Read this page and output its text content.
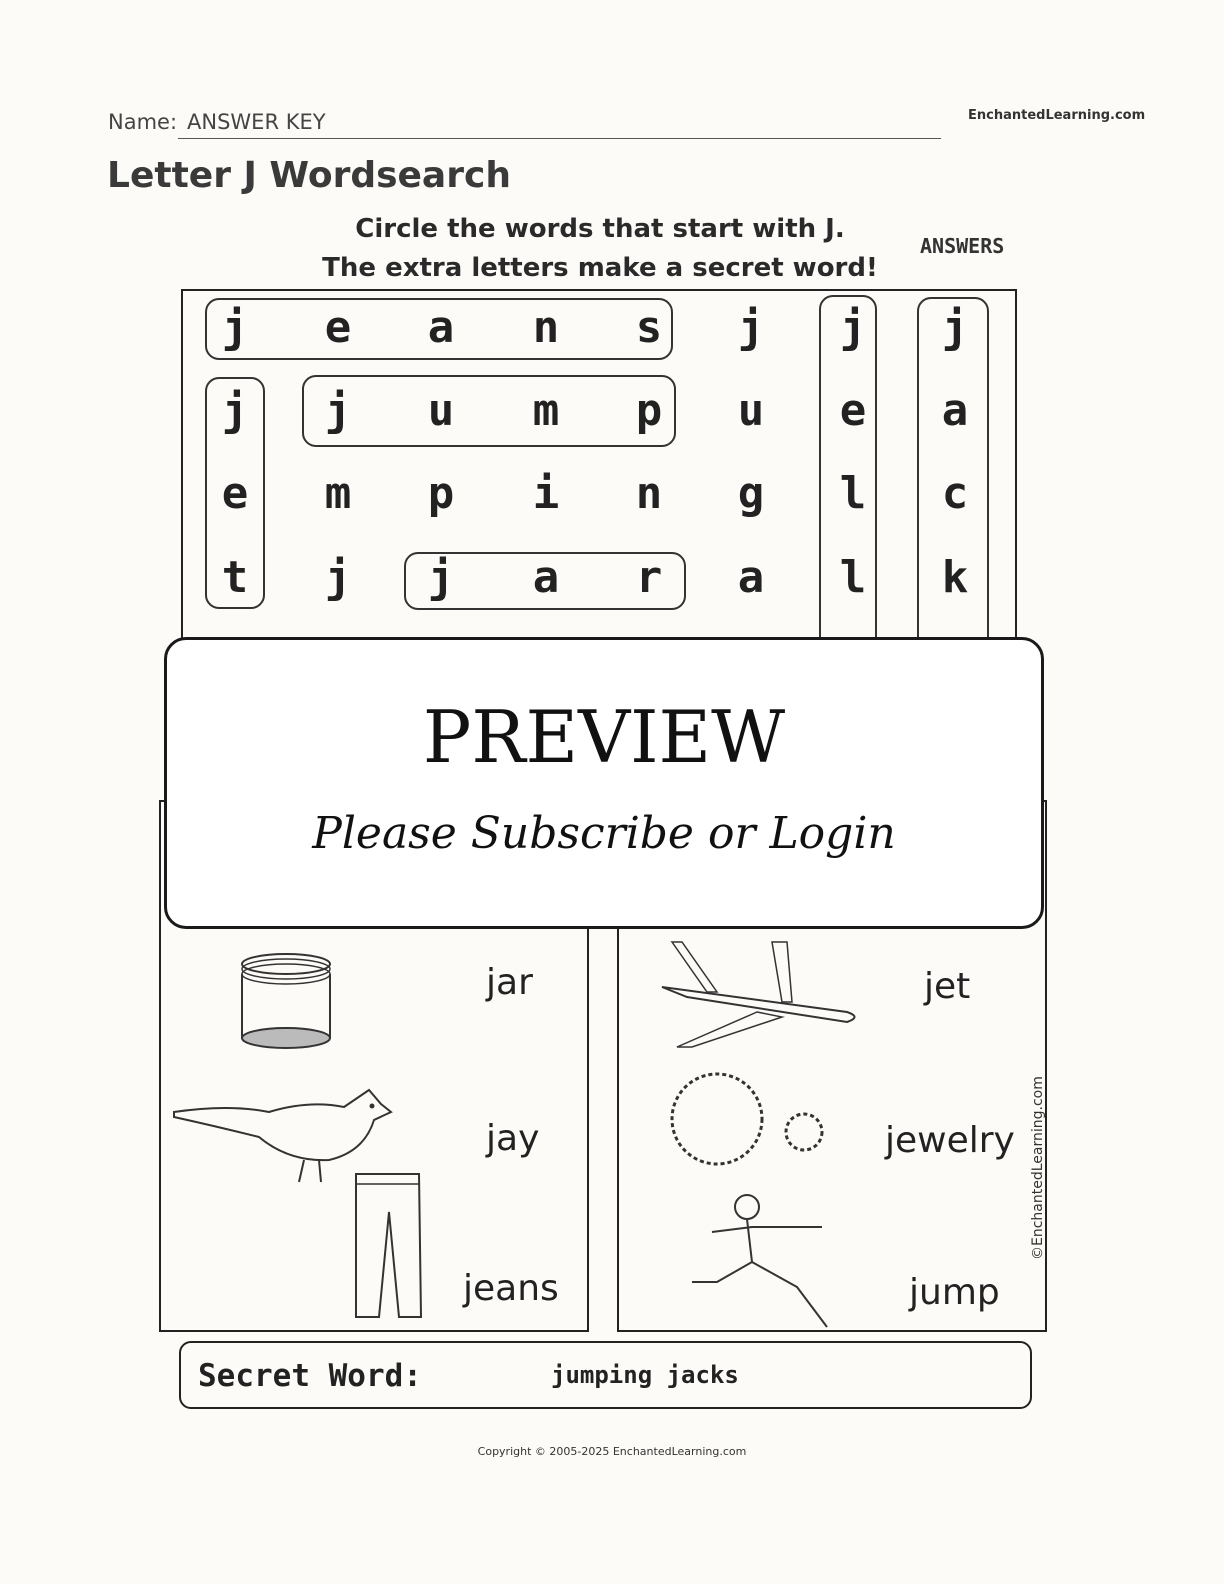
Name: ANSWER KEY	EnchantedLearning.com
Letter J Wordsearch
Circle the words that start with J.
The extra letters make a secret word!
ANSWERS
j	e	a	n	s	j	j	j
j	j	u	m	p	u	e	a
e	m	p	i	n	g	l	c
t	j	j	a	r	a	l	k
jar
jay
jeans
jet
jewelry
jump
©EnchantedLearning.com
PREVIEW
Please Subscribe or Login
Secret Word:	jumping jacks
Copyright © 2005-2025 EnchantedLearning.com
